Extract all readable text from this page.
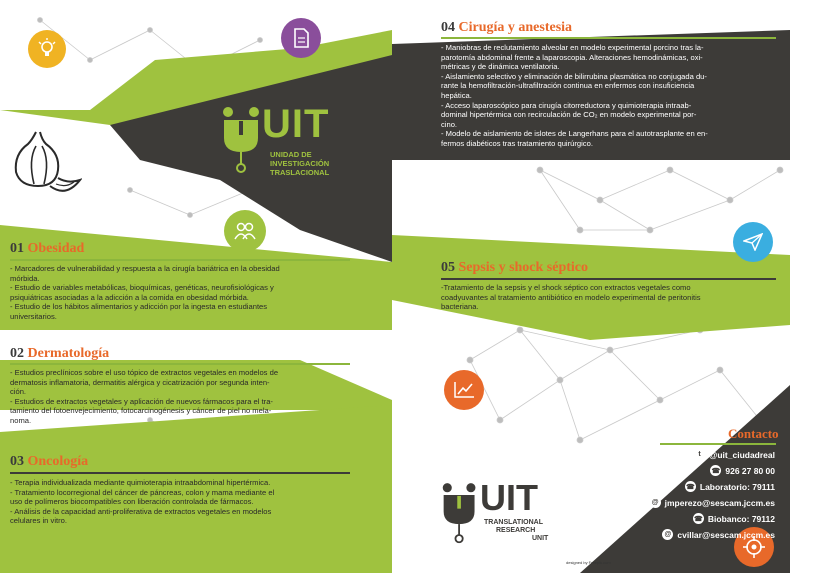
UIT
UNIDAD DE
INVESTIGACIÓN
TRASLACIONAL
01 Obesidad
- Marcadores de vulnerabilidad y respuesta a la cirugía bariátrica en la obesidad
mórbida.
- Estudio de variables metabólicas, bioquímicas, genéticas, neurofisiológicas y
psiquiátricas asociadas a la adicción a la comida en obesidad mórbida.
- Estudio de los hábitos alimentarios y adicción por la ingesta en estudiantes
universitarios.
02 Dermatología
- Estudios preclínicos sobre el uso tópico de extractos vegetales en modelos de
dermatosis inflamatoria, dermatitis alérgica y cicatrización por segunda inten-
ción.
- Estudios de extractos vegetales y aplicación de nuevos fármacos para el tra-
tamiento del fotoenvejecimiento, fotocarcinogénesis y cáncer de piel no mela-
noma.
03 Oncología
- Terapia individualizada mediante quimioterapia intraabdominal hipertérmica.
- Tratamiento locorregional del cáncer de páncreas, colon y mama mediante el
uso de polímeros biocompatibles con liberación controlada de fármacos.
- Análisis de la capacidad anti-proliferativa de extractos vegetales en modelos
celulares in vitro.
04 Cirugía y anestesia
- Maniobras de reclutamiento alveolar en modelo experimental porcino tras la-
parotomía abdominal frente a laparoscopia. Alteraciones hemodinámicas, oxi-
métricas y de dinámica ventilatoria.
- Aislamiento selectivo y eliminación de bilirrubina plasmática no conjugada du-
rante la hemofiltración-ultrafiltración continua en enfermos con insuficiencia
hepática.
- Acceso laparoscópico para cirugía citorreductora y quimioterapia intraab-
dominal hipertérmica con recirculación de CO₂ en modelo experimental por-
cino.
- Modelo de aislamiento de islotes de Langerhans para el autotrasplante en en-
fermos diabéticos tras tratamiento quirúrgico.
05 Sepsis y shock séptico
-Tratamiento de la sepsis y el shock séptico con extractos vegetales como
coadyuvantes al tratamiento antibiótico en modelo experimental de peritonitis
bacteriana.
UIT
TRANSLATIONAL
RESEARCH
UNIT
Contacto
t @uit_ciudadreal
☎ 926 27 80 00
☎ Laboratorio: 79111
@ jmperezo@sescam.jccm.es
☎ Biobanco: 79112
@ cvillar@sescam.jccm.es
designed by Freepik.com
